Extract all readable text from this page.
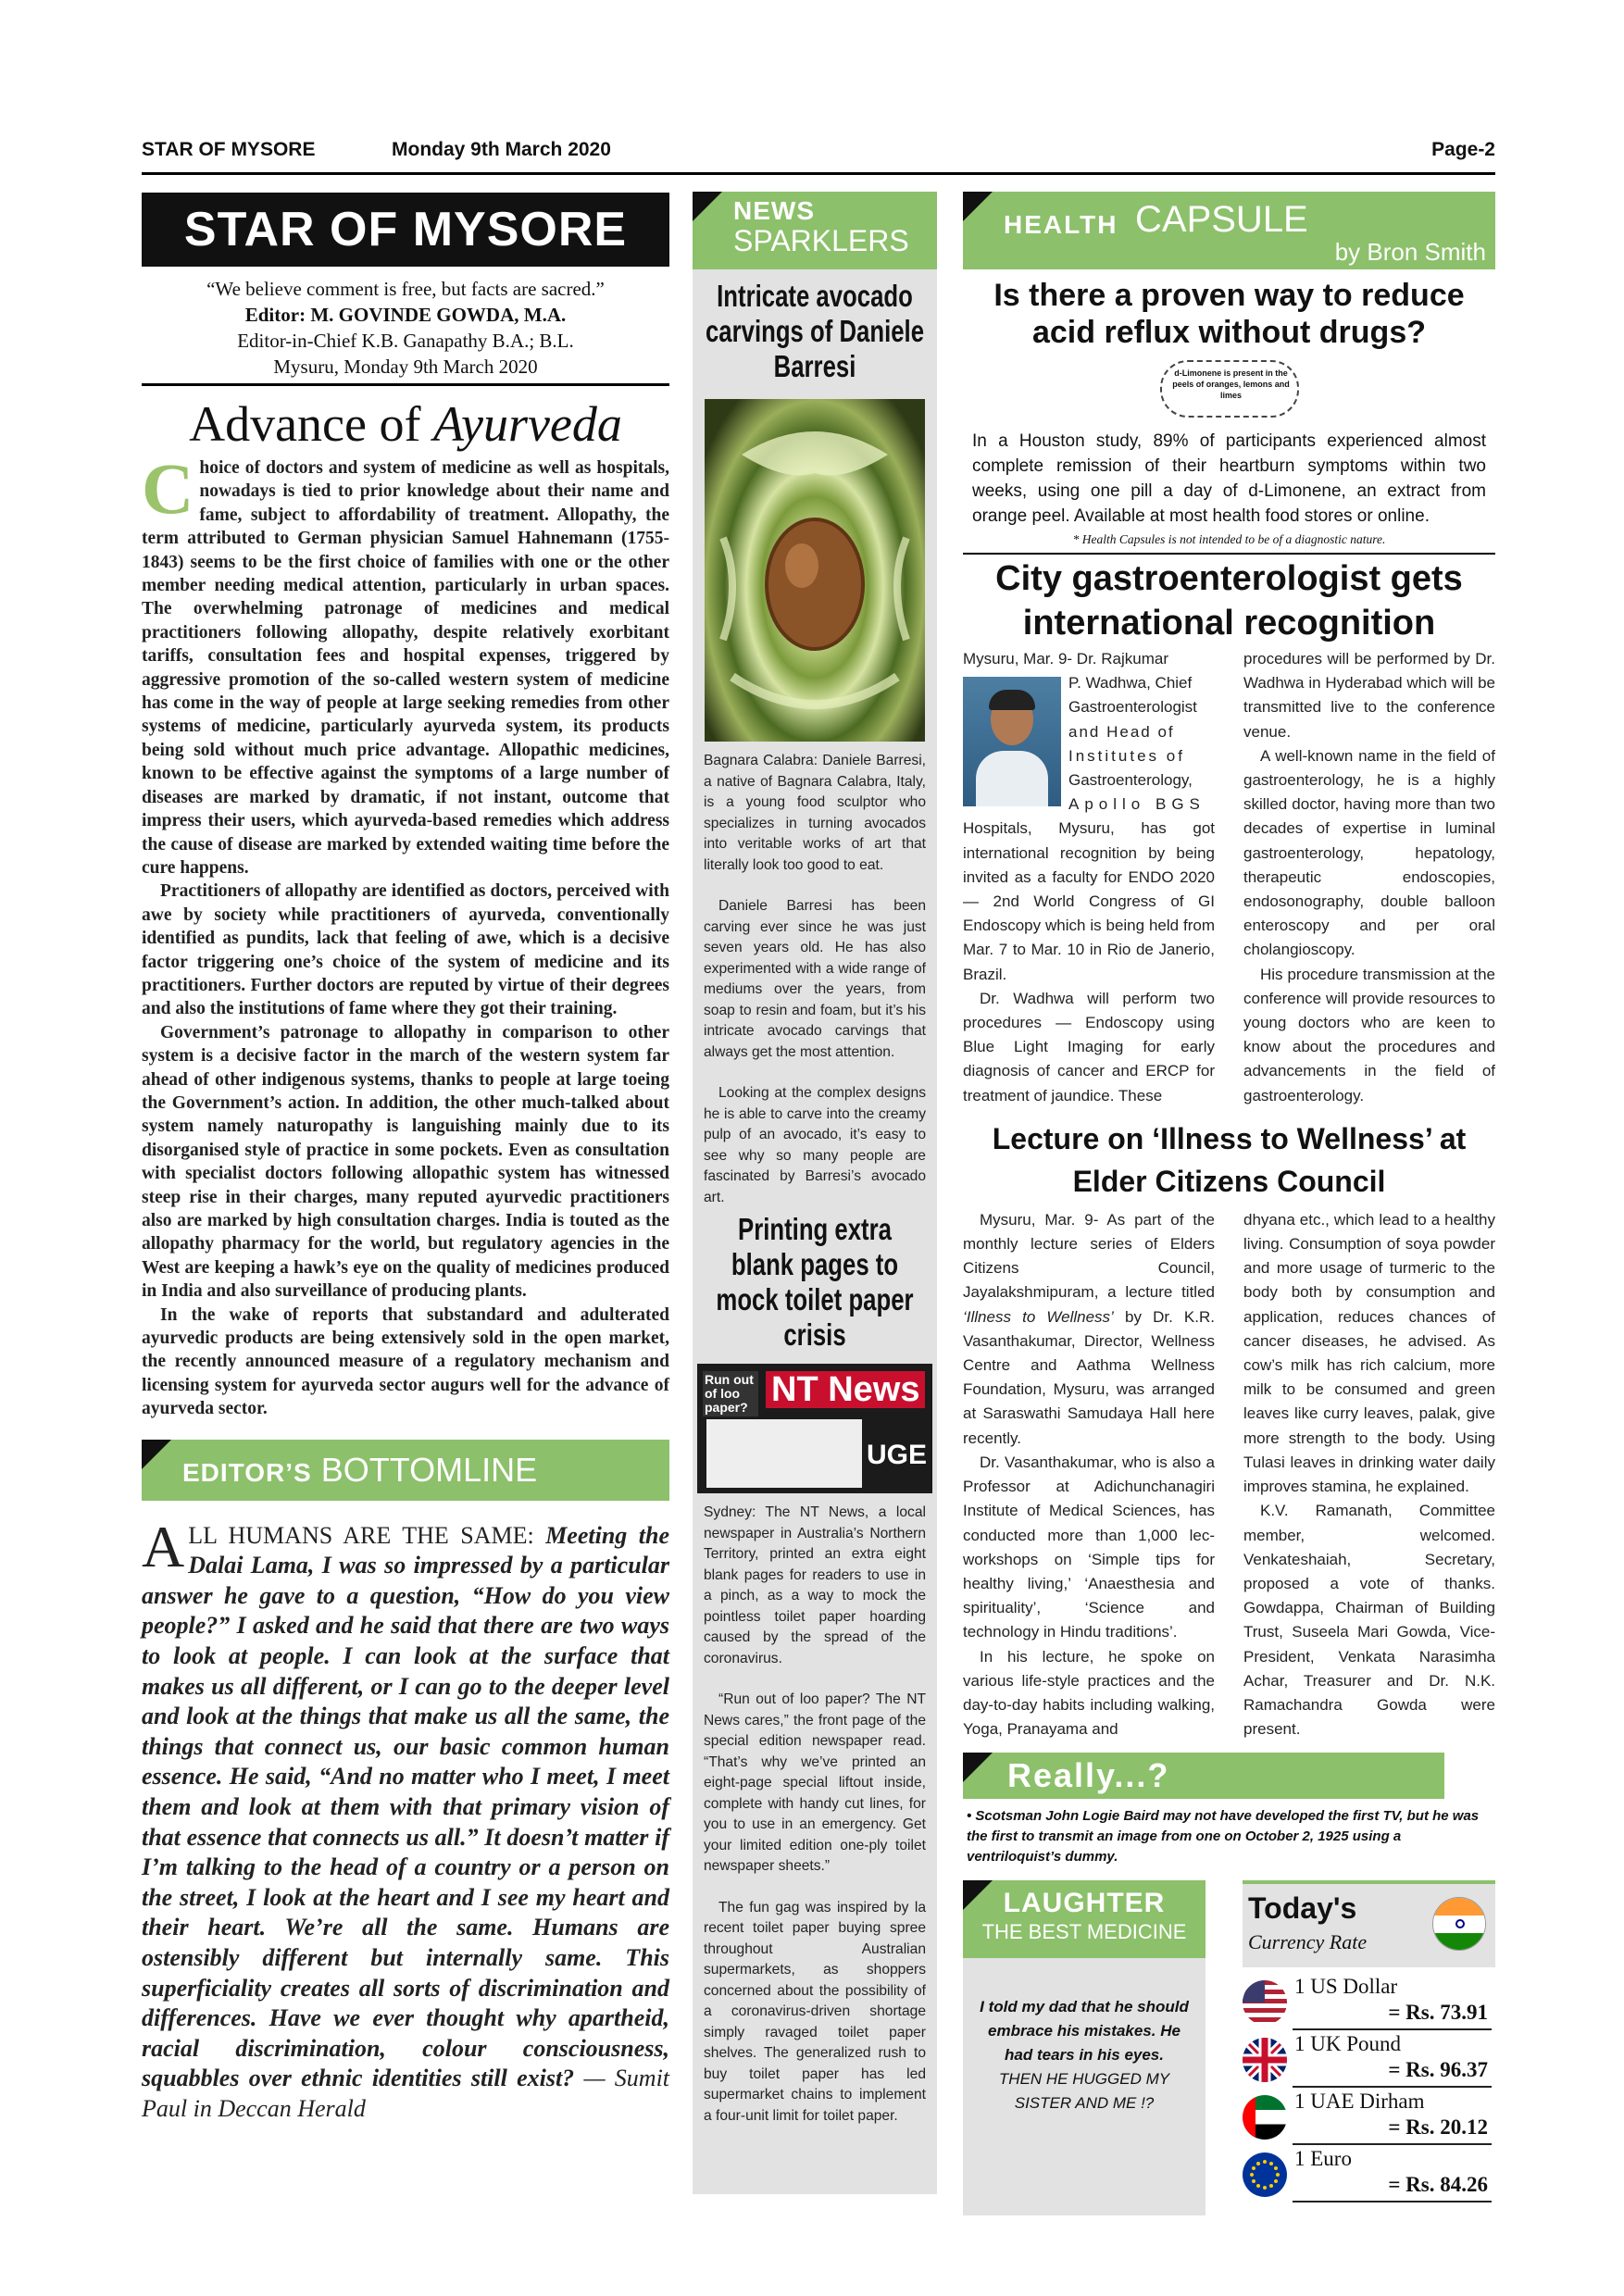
STAR OF MYSORE	Monday 9th March 2020	Page-2
STAR OF MYSORE
“We believe comment is free, but facts are sacred.”
Editor: M. GOVINDE GOWDA, M.A.
Editor-in-Chief K.B. Ganapathy B.A.; B.L.
Mysuru, Monday 9th March 2020
Advance of Ayurveda

Choice of doctors and system of medicine as well as hospitals, nowadays is tied to prior knowledge about their name and fame, subject to affordability of treatment. Allopathy, the term attributed to German physician Samuel Hahnemann (1755-1843) seems to be the first choice of families with one or the other member needing medical attention, particularly in urban spaces. The overwhelming patronage of medicines and medical practitioners following allopathy, despite relatively exorbitant tariffs, consultation fees and hospital expenses, triggered by aggressive promotion of the so-called western system of medicine has come in the way of people at large seeking remedies from other systems of medicine, particularly ayurveda system, its products being sold without much price advantage. Allopathic medicines, known to be effective against the symptoms of a large number of diseases are marked by dramatic, if not instant, outcome that impress their users, which ayurveda-based remedies which address the cause of disease are marked by extended waiting time before the cure happens.

Practitioners of allopathy are identified as doctors, perceived with awe by society while practitioners of ayurveda, conventionally identified as pundits, lack that feeling of awe, which is a decisive factor triggering one’s choice of the system of medicine and its practitioners. Further doctors are reputed by virtue of their degrees and also the institutions of fame where they got their training.

Government’s patronage to allopathy in comparison to other system is a decisive factor in the march of the western system far ahead of other indigenous systems, thanks to people at large toeing the Government’s action. In addition, the other much-talked about system namely naturopathy is languishing mainly due to its disorganised style of practice in some pockets. Even as consultation with specialist doctors following allopathic system has witnessed steep rise in their charges, many reputed ayurvedic practitioners also are marked by high consultation charges. India is touted as the allopathy pharmacy for the world, but regulatory agencies in the West are keeping a hawk’s eye on the quality of medicines produced in India and also surveillance of producing plants.

In the wake of reports that substandard and adulterated ayurvedic products are being extensively sold in the open market, the recently announced measure of a regulatory mechanism and licensing system for ayurveda sector augurs well for the advance of ayurveda sector.

EDITOR’S BOTTOMLINE
ALL HUMANS ARE THE SAME: Meeting the Dalai Lama, I was so impressed by a particular answer he gave to a question, “How do you view people?” I asked and he said that there are two ways to look at people. I can look at the surface that makes us all different, or I can go to the deeper level and look at the things that make us all the same, the things that connect us, our basic common human essence. He said, “And no matter who I meet, I meet them and look at them with that primary vision of that essence that connects us all.” It doesn’t matter if I’m talking to the head of a country or a person on the street, I look at the heart and I see my heart and their heart. We’re all the same. Humans are ostensibly different but internally same. This superficiality creates all sorts of discrimination and differences. Have we ever thought why apartheid, racial discrimination, colour consciousness, squabbles over ethnic identities still exist? — Sumit Paul in Deccan Herald
NEWS
SPARKLERS
Intricate avocado carvings of Daniele Barresi

Bagnara Calabra: Daniele Barresi, a native of Bagnara Calabra, Italy, is a young food sculptor who specializes in turning avocados into veritable works of art that literally look too good to eat.

Daniele Barresi has been carving ever since he was just seven years old. He has also experimented with a wide range of mediums over the years, from soap to resin and foam, but it’s his intricate avocado carvings that always get the most attention.

Looking at the complex designs he is able to carve into the creamy pulp of an avocado, it’s easy to see why so many people are fascinated by Barresi’s avocado art.

Printing extra blank pages to mock toilet paper crisis
Run out of loo paper? NT News
UGE

Sydney: The NT News, a local newspaper in Australia’s Northern Territory, printed an extra eight blank pages for readers to use in a pinch, as a way to mock the pointless toilet paper hoarding caused by the spread of the coronavirus.

“Run out of loo paper? The NT News cares,” the front page of the special edition newspaper read. “That’s why we’ve printed an eight-page special liftout inside, complete with handy cut lines, for you to use in an emergency. Get your limited edition one-ply toilet newspaper sheets.”

The fun gag was inspired by la recent toilet paper buying spree throughout Australian supermarkets, as shoppers concerned about the possibility of a coronavirus-driven shortage simply ravaged toilet paper shelves. The generalized rush to buy toilet paper has led supermarket chains to implement a four-unit limit for toilet paper.

HEALTH CAPSULE
by Bron Smith
Is there a proven way to reduce acid reflux without drugs?
d-Limonene is present in the peels of oranges, lemons and limes
In a Houston study, 89% of participants experienced almost complete remission of their heartburn symptoms within two weeks, using one pill a day of d-Limonene, an extract from orange peel. Available at most health food stores or online.
* Health Capsules is not intended to be of a diagnostic nature.
City gastroenterologist gets international recognition
Mysuru, Mar. 9- Dr. Rajkumar
P. Wadhwa, Chief
Gastroenterologist
and Head of
Institutes of
Gastroenterology,
Apollo BGS

Hospitals, Mysuru, has got international recognition by being invited as a faculty for ENDO 2020 — 2nd World Congress of GI Endoscopy which is being held from Mar. 7 to Mar. 10 in Rio de Janerio, Brazil.

Dr. Wadhwa will perform two procedures — Endoscopy using Blue Light Imaging for early diagnosis of cancer and ERCP for treatment of jaundice. These

procedures will be performed by Dr. Wadhwa in Hyderabad which will be transmitted live to the conference venue.

A well-known name in the field of gastroenterology, he is a highly skilled doctor, having more than two decades of expertise in luminal gastroenterology, hepatology, therapeutic endoscopies, endosonography, double balloon enteroscopy and per oral cholangioscopy.

His procedure transmission at the conference will provide resources to young doctors who are keen to know about the procedures and advancements in the field of gastroenterology.

Lecture on ‘Illness to Wellness’ at Elder Citizens Council

Mysuru, Mar. 9- As part of the monthly lecture series of Elders Citizens Council, Jayalakshmipuram, a lecture titled ‘Illness to Wellness’ by Dr. K.R. Vasanthakumar, Director, Wellness Centre and Aathma Wellness Foundation, Mysuru, was arranged at Saraswathi Samudaya Hall here recently.

Dr. Vasanthakumar, who is also a Professor at Adichunchanagiri Institute of Medical Sciences, has conducted more than 1,000 lec-workshops on ‘Simple tips for healthy living,’ ‘Anaesthesia and spirituality’, ‘Science and technology in Hindu traditions’.

In his lecture, he spoke on various life-style practices and the day-to-day habits including walking, Yoga, Pranayama and

dhyana etc., which lead to a healthy living. Consumption of soya powder and more usage of turmeric to the body both by consumption and application, reduces chances of cancer diseases, he advised. As cow’s milk has rich calcium, more milk to be consumed and green leaves like curry leaves, palak, give more strength to the body. Using Tulasi leaves in drinking water daily improves stamina, he explained.

K.V. Ramanath, Committee member, welcomed. Venkateshaiah, Secretary, proposed a vote of thanks. Gowdappa, Chairman of Building Trust, Suseela Mari Gowda, Vice-President, Venkata Narasimha Achar, Treasurer and Dr. N.K. Ramachandra Gowda were present.

Really...?
• Scotsman John Logie Baird may not have developed the first TV, but he was the first to transmit an image from one on October 2, 1925 using a ventriloquist’s dummy.
LAUGHTER
THE BEST MEDICINE
I told my dad that he should embrace his mistakes. He had tears in his eyes.
THEN HE HUGGED MY SISTER AND ME !?
Today's
Currency Rate
1 US Dollar
= Rs. 73.91
1 UK Pound
= Rs. 96.37
1 UAE Dirham
= Rs. 20.12
1 Euro
= Rs. 84.26
